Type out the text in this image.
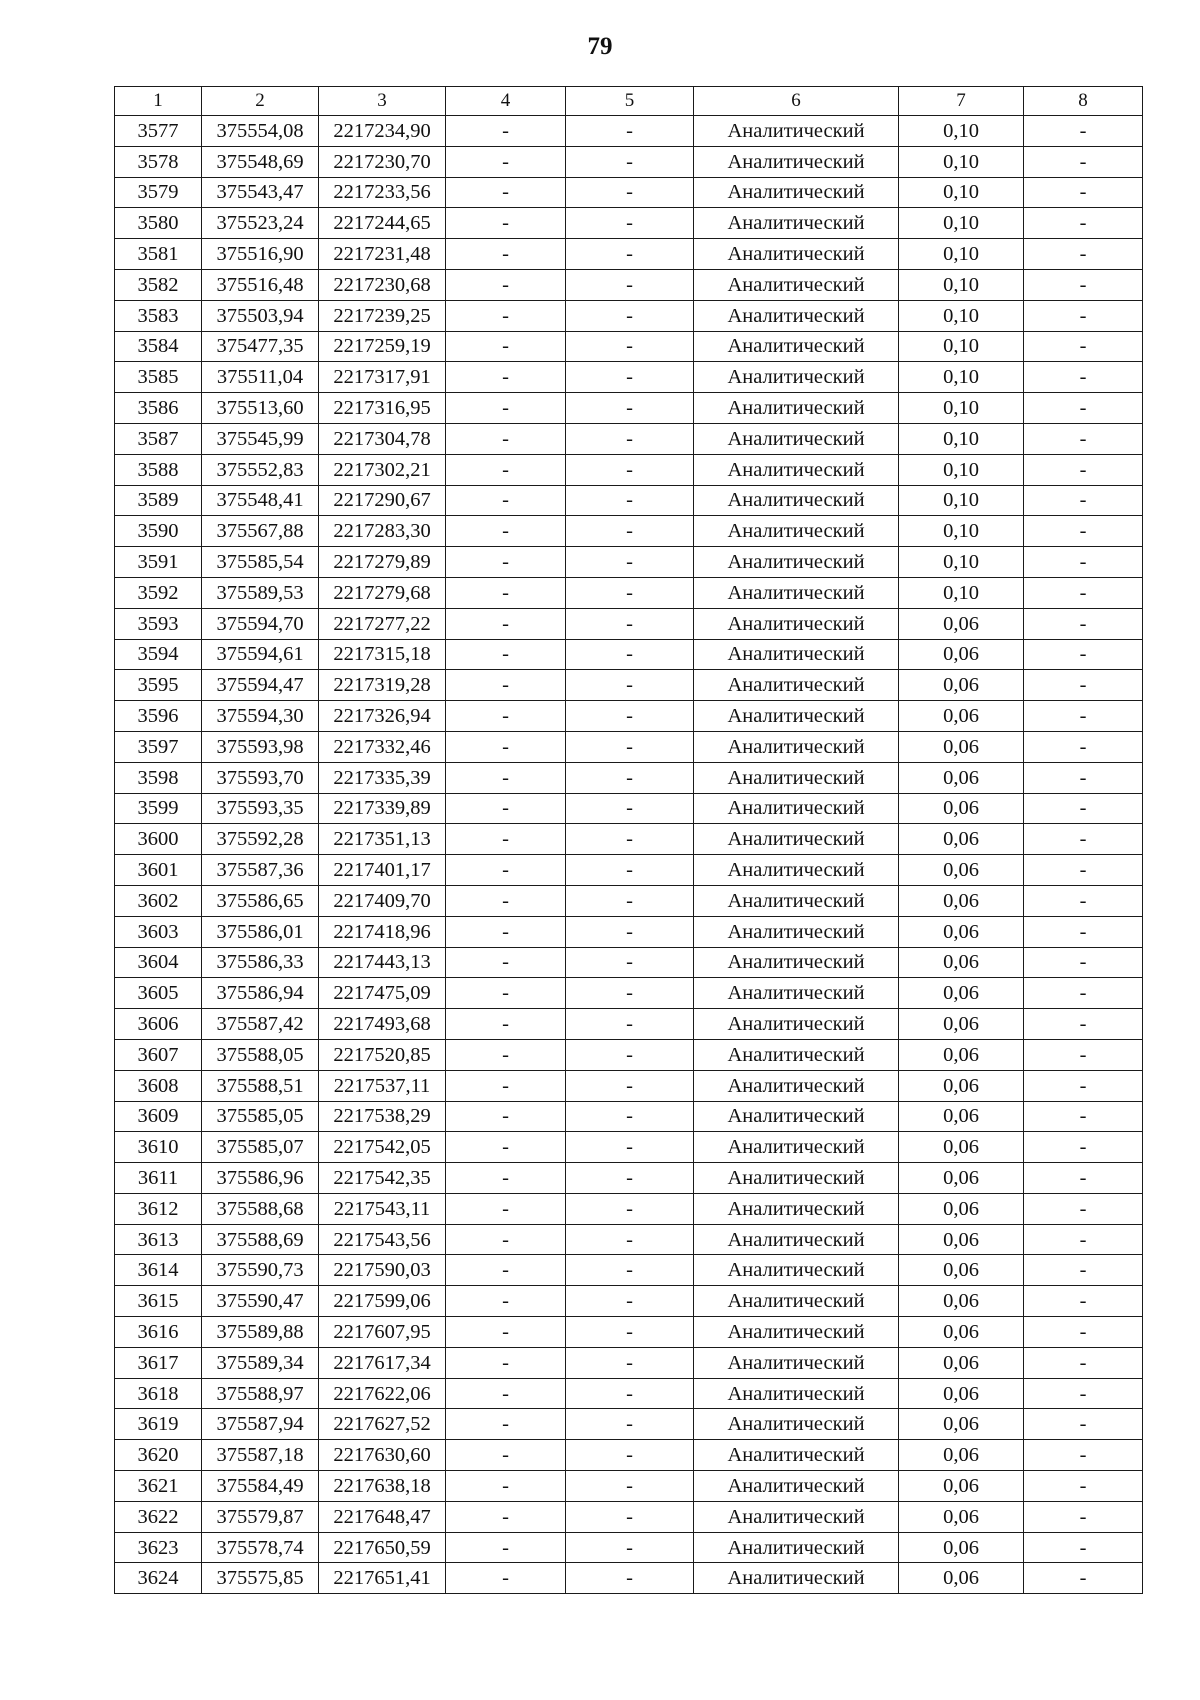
79
1	2	3	4	5	6	7	8
3577	375554,08	2217234,90	-	-	Аналитический	0,10	-
3578	375548,69	2217230,70	-	-	Аналитический	0,10	-
3579	375543,47	2217233,56	-	-	Аналитический	0,10	-
3580	375523,24	2217244,65	-	-	Аналитический	0,10	-
3581	375516,90	2217231,48	-	-	Аналитический	0,10	-
3582	375516,48	2217230,68	-	-	Аналитический	0,10	-
3583	375503,94	2217239,25	-	-	Аналитический	0,10	-
3584	375477,35	2217259,19	-	-	Аналитический	0,10	-
3585	375511,04	2217317,91	-	-	Аналитический	0,10	-
3586	375513,60	2217316,95	-	-	Аналитический	0,10	-
3587	375545,99	2217304,78	-	-	Аналитический	0,10	-
3588	375552,83	2217302,21	-	-	Аналитический	0,10	-
3589	375548,41	2217290,67	-	-	Аналитический	0,10	-
3590	375567,88	2217283,30	-	-	Аналитический	0,10	-
3591	375585,54	2217279,89	-	-	Аналитический	0,10	-
3592	375589,53	2217279,68	-	-	Аналитический	0,10	-
3593	375594,70	2217277,22	-	-	Аналитический	0,06	-
3594	375594,61	2217315,18	-	-	Аналитический	0,06	-
3595	375594,47	2217319,28	-	-	Аналитический	0,06	-
3596	375594,30	2217326,94	-	-	Аналитический	0,06	-
3597	375593,98	2217332,46	-	-	Аналитический	0,06	-
3598	375593,70	2217335,39	-	-	Аналитический	0,06	-
3599	375593,35	2217339,89	-	-	Аналитический	0,06	-
3600	375592,28	2217351,13	-	-	Аналитический	0,06	-
3601	375587,36	2217401,17	-	-	Аналитический	0,06	-
3602	375586,65	2217409,70	-	-	Аналитический	0,06	-
3603	375586,01	2217418,96	-	-	Аналитический	0,06	-
3604	375586,33	2217443,13	-	-	Аналитический	0,06	-
3605	375586,94	2217475,09	-	-	Аналитический	0,06	-
3606	375587,42	2217493,68	-	-	Аналитический	0,06	-
3607	375588,05	2217520,85	-	-	Аналитический	0,06	-
3608	375588,51	2217537,11	-	-	Аналитический	0,06	-
3609	375585,05	2217538,29	-	-	Аналитический	0,06	-
3610	375585,07	2217542,05	-	-	Аналитический	0,06	-
3611	375586,96	2217542,35	-	-	Аналитический	0,06	-
3612	375588,68	2217543,11	-	-	Аналитический	0,06	-
3613	375588,69	2217543,56	-	-	Аналитический	0,06	-
3614	375590,73	2217590,03	-	-	Аналитический	0,06	-
3615	375590,47	2217599,06	-	-	Аналитический	0,06	-
3616	375589,88	2217607,95	-	-	Аналитический	0,06	-
3617	375589,34	2217617,34	-	-	Аналитический	0,06	-
3618	375588,97	2217622,06	-	-	Аналитический	0,06	-
3619	375587,94	2217627,52	-	-	Аналитический	0,06	-
3620	375587,18	2217630,60	-	-	Аналитический	0,06	-
3621	375584,49	2217638,18	-	-	Аналитический	0,06	-
3622	375579,87	2217648,47	-	-	Аналитический	0,06	-
3623	375578,74	2217650,59	-	-	Аналитический	0,06	-
3624	375575,85	2217651,41	-	-	Аналитический	0,06	-
